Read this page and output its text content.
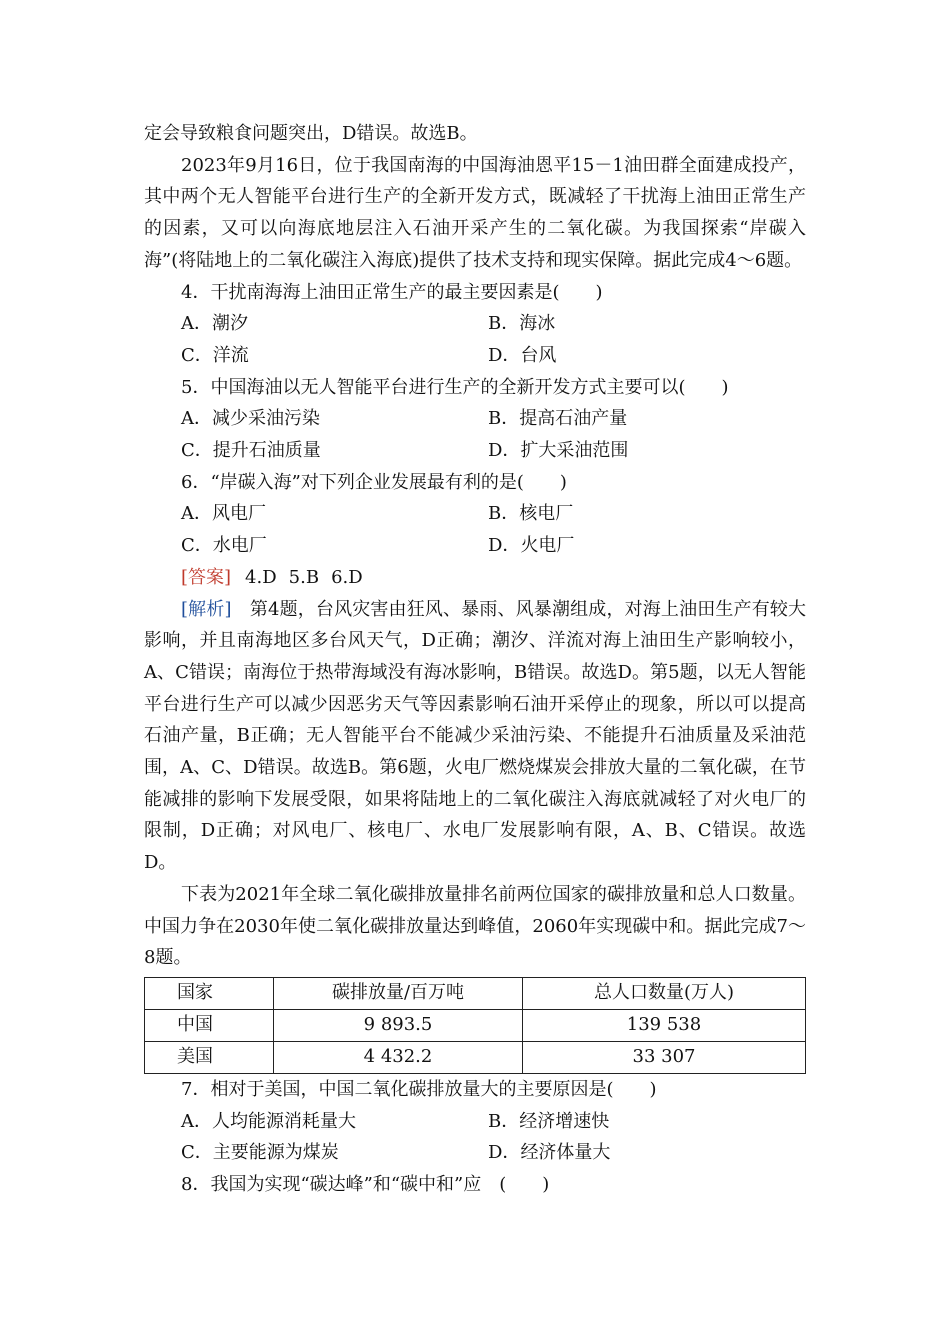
定会导致粮食问题突出，D错误。故选B。

2023年9月16日，位于我国南海的中国海油恩平15－1油田群全面建成投产，其中两个无人智能平台进行生产的全新开发方式，既减轻了干扰海上油田正常生产的因素，又可以向海底地层注入石油开采产生的二氧化碳。为我国探索“岸碳入海”(将陆地上的二氧化碳注入海底)提供了技术支持和现实保障。据此完成4～6题。

4．干扰南海海上油田正常生产的最主要因素是(　　)

A．潮汐	B．海冰
C．洋流	D．台风

5．中国海油以无人智能平台进行生产的全新开发方式主要可以(　　)

A．减少采油污染	B．提高石油产量
C．提升石油质量	D．扩大采油范围

6．“岸碳入海”对下列企业发展最有利的是(　　)

A．风电厂	B．核电厂
C．水电厂	D．火电厂

[答案] 4.D 5.B 6.D

[解析]　第4题，台风灾害由狂风、暴雨、风暴潮组成，对海上油田生产有较大影响，并且南海地区多台风天气，D正确；潮汐、洋流对海上油田生产影响较小，A、C错误；南海位于热带海域没有海冰影响，B错误。故选D。第5题，以无人智能平台进行生产可以减少因恶劣天气等因素影响石油开采停止的现象，所以可以提高石油产量，B正确；无人智能平台不能减少采油污染、不能提升石油质量及采油范围，A、C、D错误。故选B。第6题，火电厂燃烧煤炭会排放大量的二氧化碳，在节能减排的影响下发展受限，如果将陆地上的二氧化碳注入海底就减轻了对火电厂的限制，D正确；对风电厂、核电厂、水电厂发展影响有限，A、B、C错误。故选D。

下表为2021年全球二氧化碳排放量排名前两位国家的碳排放量和总人口数量。中国力争在2030年使二氧化碳排放量达到峰值，2060年实现碳中和。据此完成7～8题。

国家	碳排放量/百万吨	总人口数量(万人)
中国	9 893.5	139 538
美国	4 432.2	33 307

7．相对于美国，中国二氧化碳排放量大的主要原因是(　　)

A．人均能源消耗量大	B．经济增速快
C．主要能源为煤炭	D．经济体量大

8．我国为实现“碳达峰”和“碳中和”应　(　　)
